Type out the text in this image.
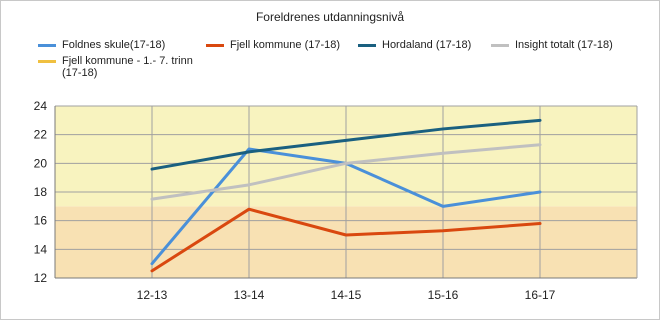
Foreldrenes utdanningsnivå
Foldnes skule(17-18)	Fjell kommune (17-18)	Hordaland (17-18)	Insight totalt (17-18)
Fjell kommune - 1.- 7. trinn (17-18)
12
14
16
18
20
22
24
12-13	13-14	14-15	15-16	16-17
